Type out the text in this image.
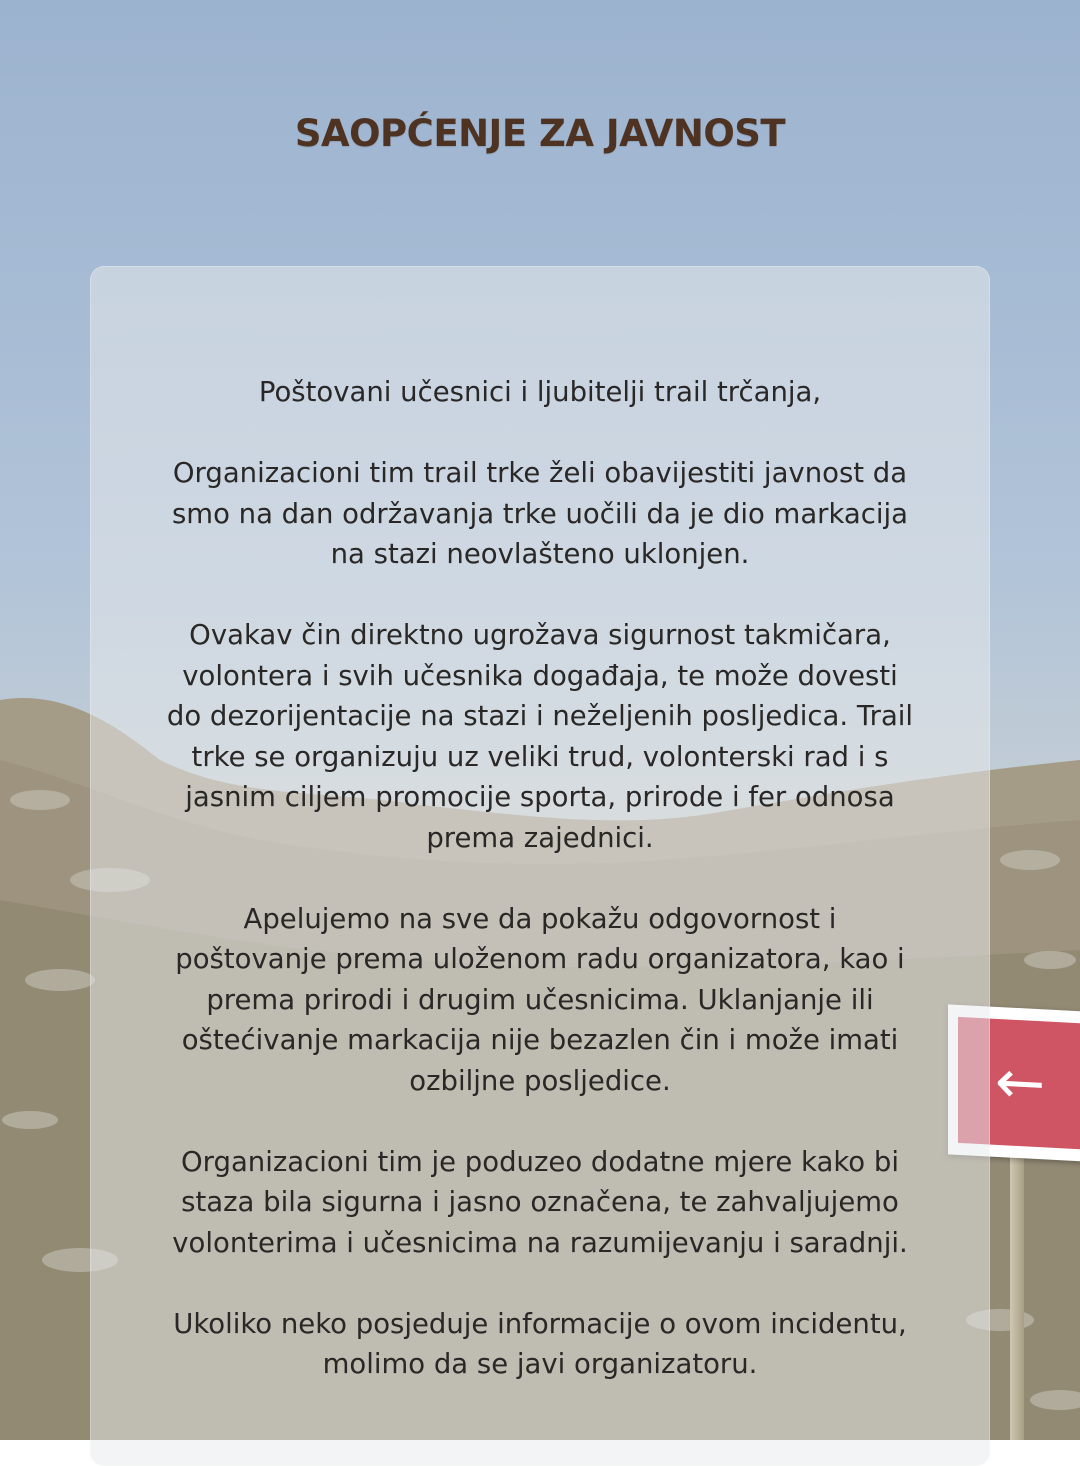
←
SAOPĆENJE ZA JAVNOST

Poštovani učesnici i ljubitelji trail trčanja,

Organizacioni tim trail trke želi obavijestiti javnost da
smo na dan održavanja trke uočili da je dio markacija
na stazi neovlašteno uklonjen.

Ovakav čin direktno ugrožava sigurnost takmičara,
volontera i svih učesnika događaja, te može dovesti
do dezorijentacije na stazi i neželjenih posljedica. Trail
trke se organizuju uz veliki trud, volonterski rad i s
jasnim ciljem promocije sporta, prirode i fer odnosa
prema zajednici.

Apelujemo na sve da pokažu odgovornost i
poštovanje prema uloženom radu organizatora, kao i
prema prirodi i drugim učesnicima. Uklanjanje ili
oštećivanje markacija nije bezazlen čin i može imati
ozbiljne posljedice.

Organizacioni tim je poduzeo dodatne mjere kako bi
staza bila sigurna i jasno označena, te zahvaljujemo
volonterima i učesnicima na razumijevanju i saradnji.

Ukoliko neko posjeduje informacije o ovom incidentu,
molimo da se javi organizatoru.
